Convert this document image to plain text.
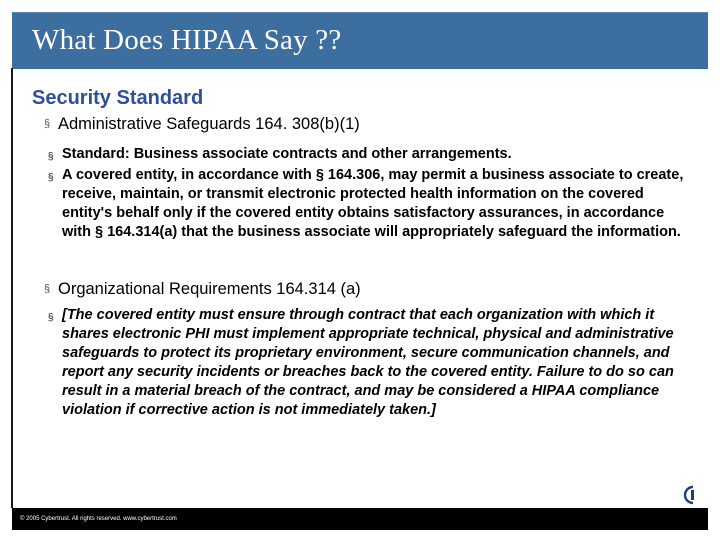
What Does HIPAA Say ??
Security Standard
§ Administrative Safeguards 164. 308(b)(1)
§ Standard: Business associate contracts and other arrangements.
§ A covered entity, in accordance with § 164.306, may permit a business associate to create, receive, maintain, or transmit electronic protected health information on the covered entity's behalf only if the covered entity obtains satisfactory assurances, in accordance with § 164.314(a) that the business associate will appropriately safeguard the information.
§ Organizational Requirements 164.314 (a)
§ [The covered entity must ensure through contract that each organization with which it shares electronic PHI must implement appropriate technical, physical and administrative safeguards to protect its proprietary environment, secure communication channels, and report any security incidents or breaches back to the covered entity. Failure to do so can result in a material breach of the contract, and may be considered a HIPAA compliance violation if corrective action is not immediately taken.]
© 2005 Cybertrust. All rights reserved. www.cybertrust.com
